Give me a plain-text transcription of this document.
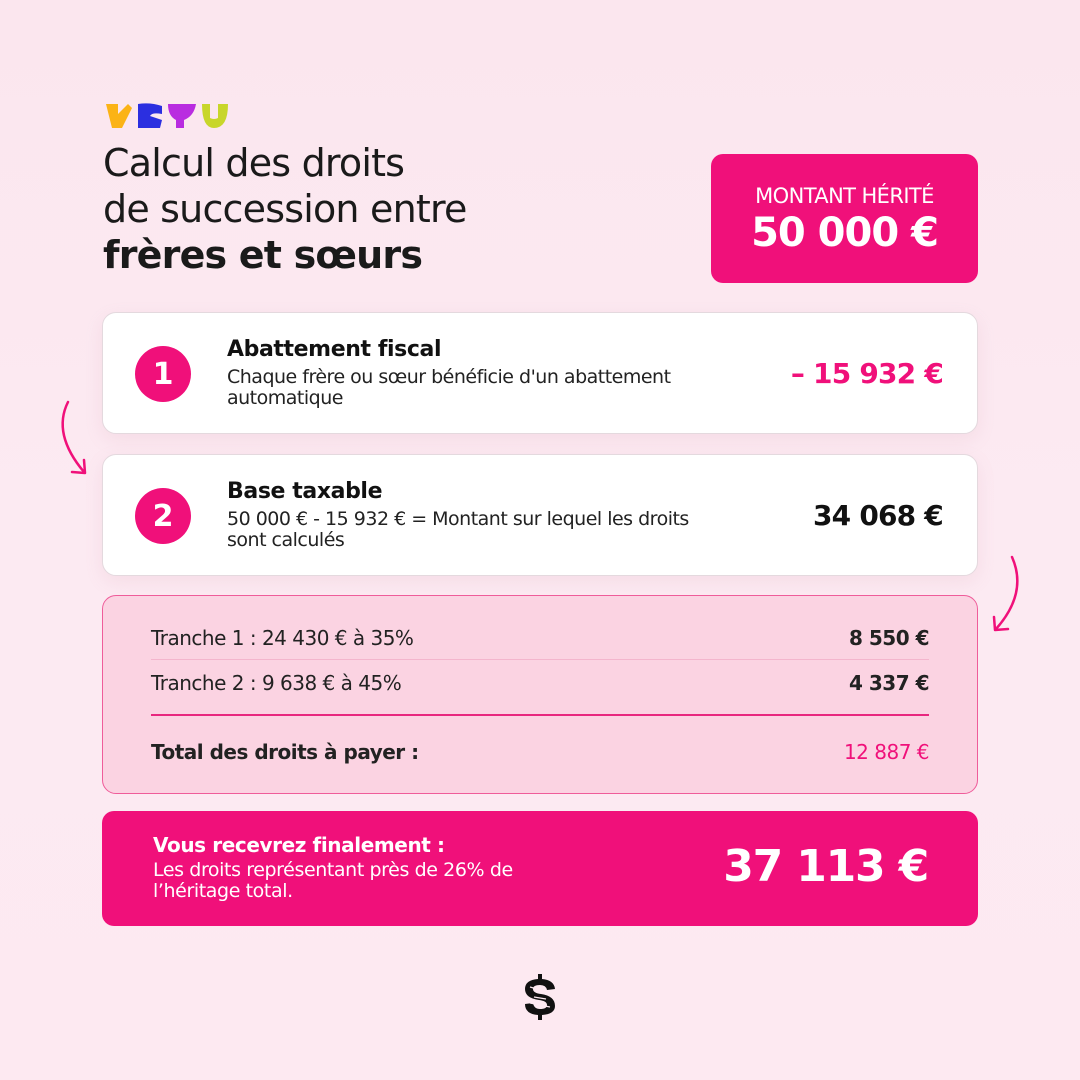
Calcul des droits
de succession entre
frères et sœurs
MONTANT HÉRITÉ
50 000 €
1
Abattement fiscal
Chaque frère ou sœur bénéficie d'un abattement automatique
– 15 932 €
2
Base taxable
50 000 € - 15 932 € = Montant sur lequel les droits sont calculés
34 068 €
Tranche 1 : 24 430 € à 35%	8 550 €
Tranche 2 : 9 638 € à 45%	4 337 €
Total des droits à payer :	12 887 €
Vous recevrez finalement :
Les droits représentant près de 26% de l’héritage total.	37 113 €
